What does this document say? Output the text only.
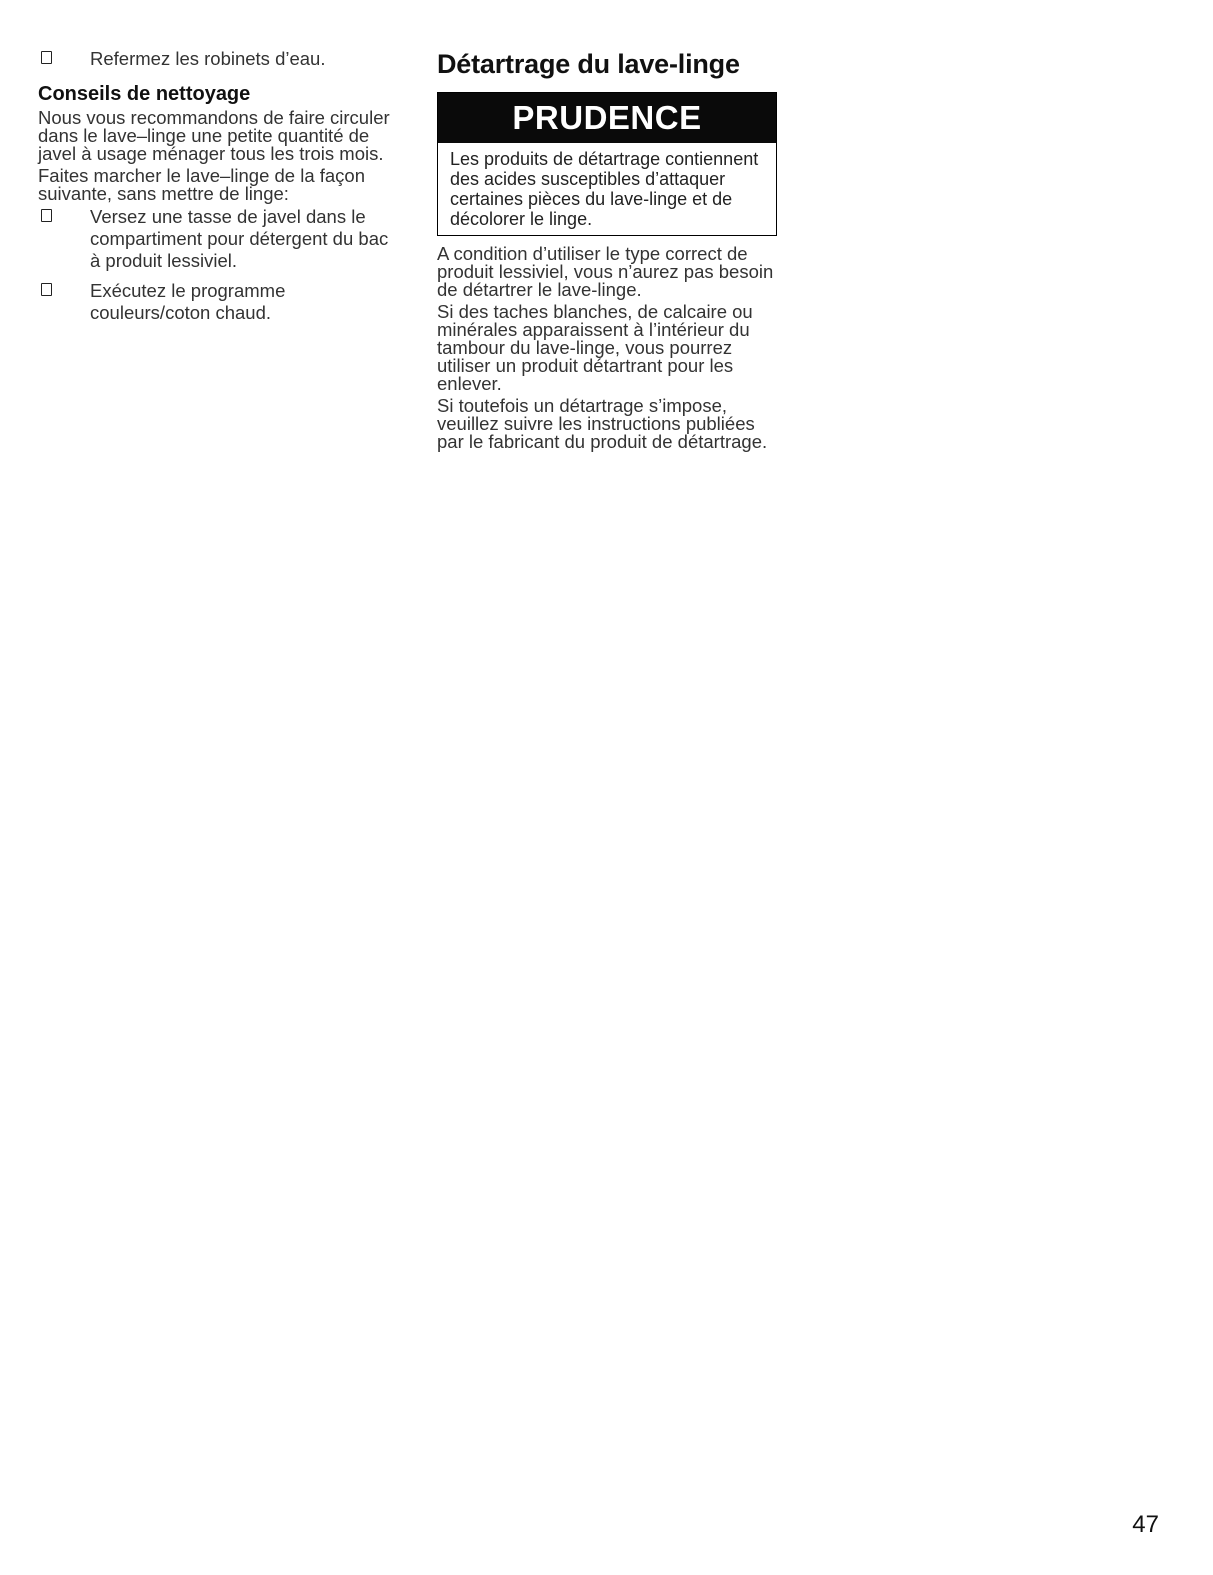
Refermez les robinets d’eau.
Conseils de nettoyage

Nous vous recommandons de faire circuler dans le lave–linge une petite quantité de javel à usage ménager tous les trois mois.

Faites marcher le lave–linge de la façon suivante, sans mettre de linge:

Versez une tasse de javel dans le compartiment pour détergent du bac à produit lessiviel.
Exécutez le programme couleurs/coton chaud.
Détartrage du lave-linge
PRUDENCE
Les produits de détartrage contiennent des acides susceptibles d’attaquer certaines pièces du lave-linge et de décolorer le linge.

A condition d’utiliser le type correct de produit lessiviel, vous n’aurez pas besoin de détartrer le lave-linge.

Si des taches blanches, de calcaire ou minérales apparaissent à l’intérieur du tambour du lave-linge, vous pourrez utiliser un produit détartrant pour les enlever.

Si toutefois un détartrage s’impose, veuillez suivre les instructions publiées par le fabricant du produit de détartrage.

47
